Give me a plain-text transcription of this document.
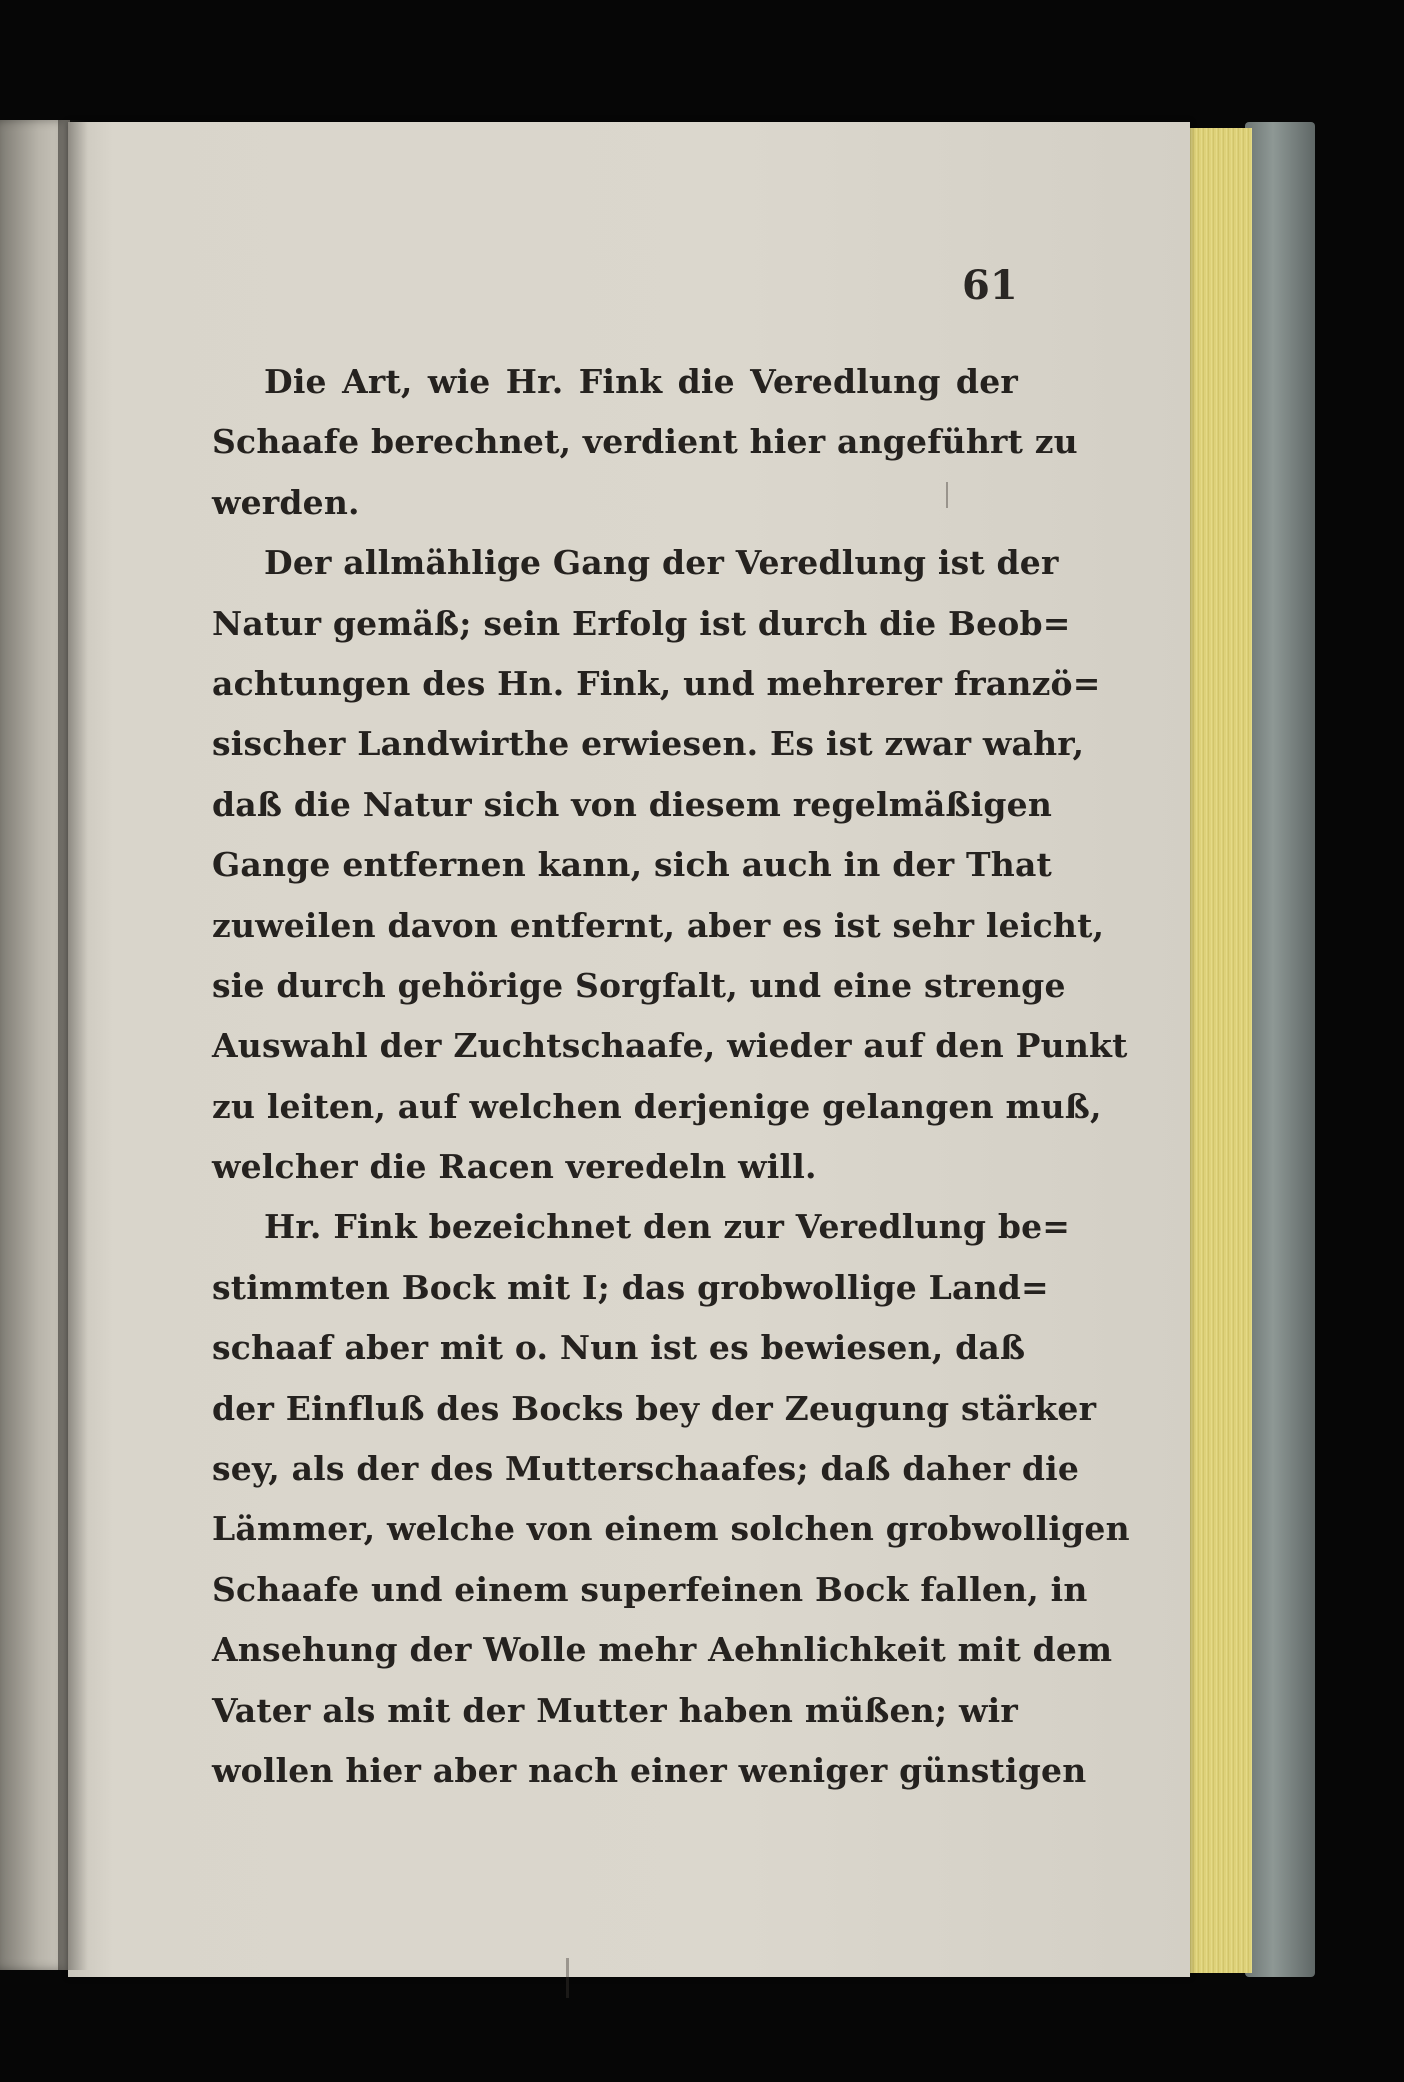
61
Die Art, wie Hr. Fink die Veredlung der
Schaafe berechnet, verdient hier angeführt zu
werden.
Der allmählige Gang der Veredlung ist der
Natur gemäß; sein Erfolg ist durch die Beob=
achtungen des Hn. Fink, und mehrerer franzö=
sischer Landwirthe erwiesen. Es ist zwar wahr,
daß die Natur sich von diesem regelmäßigen
Gange entfernen kann, sich auch in der That
zuweilen davon entfernt, aber es ist sehr leicht,
sie durch gehörige Sorgfalt, und eine strenge
Auswahl der Zuchtschaafe, wieder auf den Punkt
zu leiten, auf welchen derjenige gelangen muß,
welcher die Racen veredeln will.
Hr. Fink bezeichnet den zur Veredlung be=
stimmten Bock mit I; das grobwollige Land=
schaaf aber mit o. Nun ist es bewiesen, daß
der Einfluß des Bocks bey der Zeugung stärker
sey, als der des Mutterschaafes; daß daher die
Lämmer, welche von einem solchen grobwolligen
Schaafe und einem superfeinen Bock fallen, in
Ansehung der Wolle mehr Aehnlichkeit mit dem
Vater als mit der Mutter haben müßen; wir
wollen hier aber nach einer weniger günstigen
